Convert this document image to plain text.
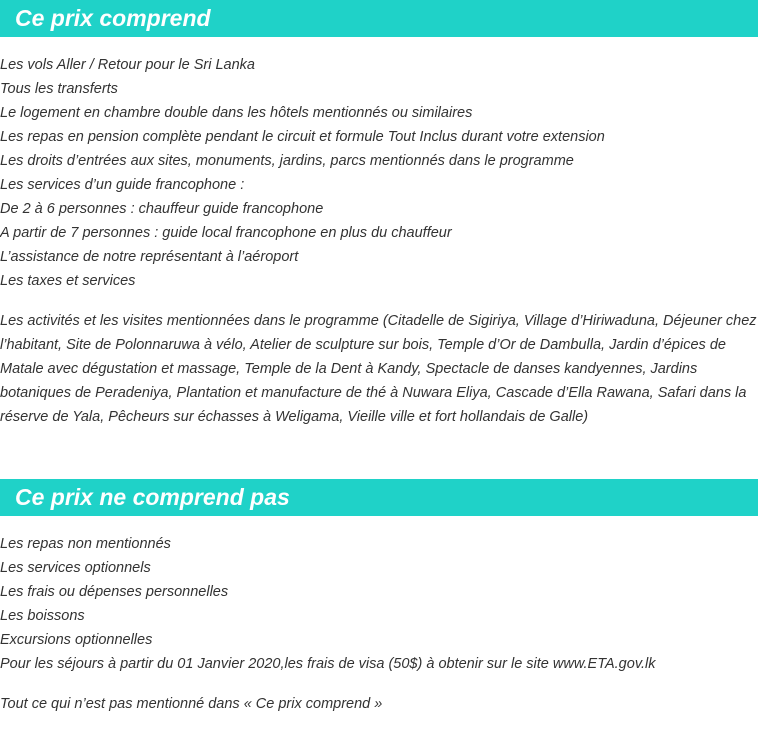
Ce prix comprend
Les vols Aller / Retour pour le Sri Lanka
Tous les transferts
Le logement en chambre double dans les hôtels mentionnés ou similaires
Les repas en pension complète pendant le circuit et formule Tout Inclus durant votre extension
Les droits d’entrées aux sites, monuments, jardins, parcs mentionnés dans le programme
Les services d’un guide francophone :
De 2 à 6 personnes : chauffeur guide francophone
A partir de 7 personnes : guide local francophone en plus du chauffeur
L’assistance de notre représentant à l’aéroport
Les taxes et services

Les activités et les visites mentionnées dans le programme (Citadelle de Sigiriya, Village d’Hiriwaduna, Déjeuner chez l’habitant, Site de Polonnaruwa à vélo, Atelier de sculpture sur bois, Temple d’Or de Dambulla, Jardin d’épices de Matale avec dégustation et massage, Temple de la Dent à Kandy, Spectacle de danses kandyennes, Jardins botaniques de Peradeniya, Plantation et manufacture de thé à Nuwara Eliya, Cascade d’Ella Rawana, Safari dans la réserve de Yala, Pêcheurs sur échasses à Weligama, Vieille ville et fort hollandais de Galle)

Ce prix ne comprend pas
Les repas non mentionnés
Les services optionnels
Les frais ou dépenses personnelles
Les boissons
Excursions optionnelles
Pour les séjours à partir du 01 Janvier 2020,les frais de visa (50$) à obtenir sur le site www.ETA.gov.lk

Tout ce qui n’est pas mentionné dans « Ce prix comprend »
